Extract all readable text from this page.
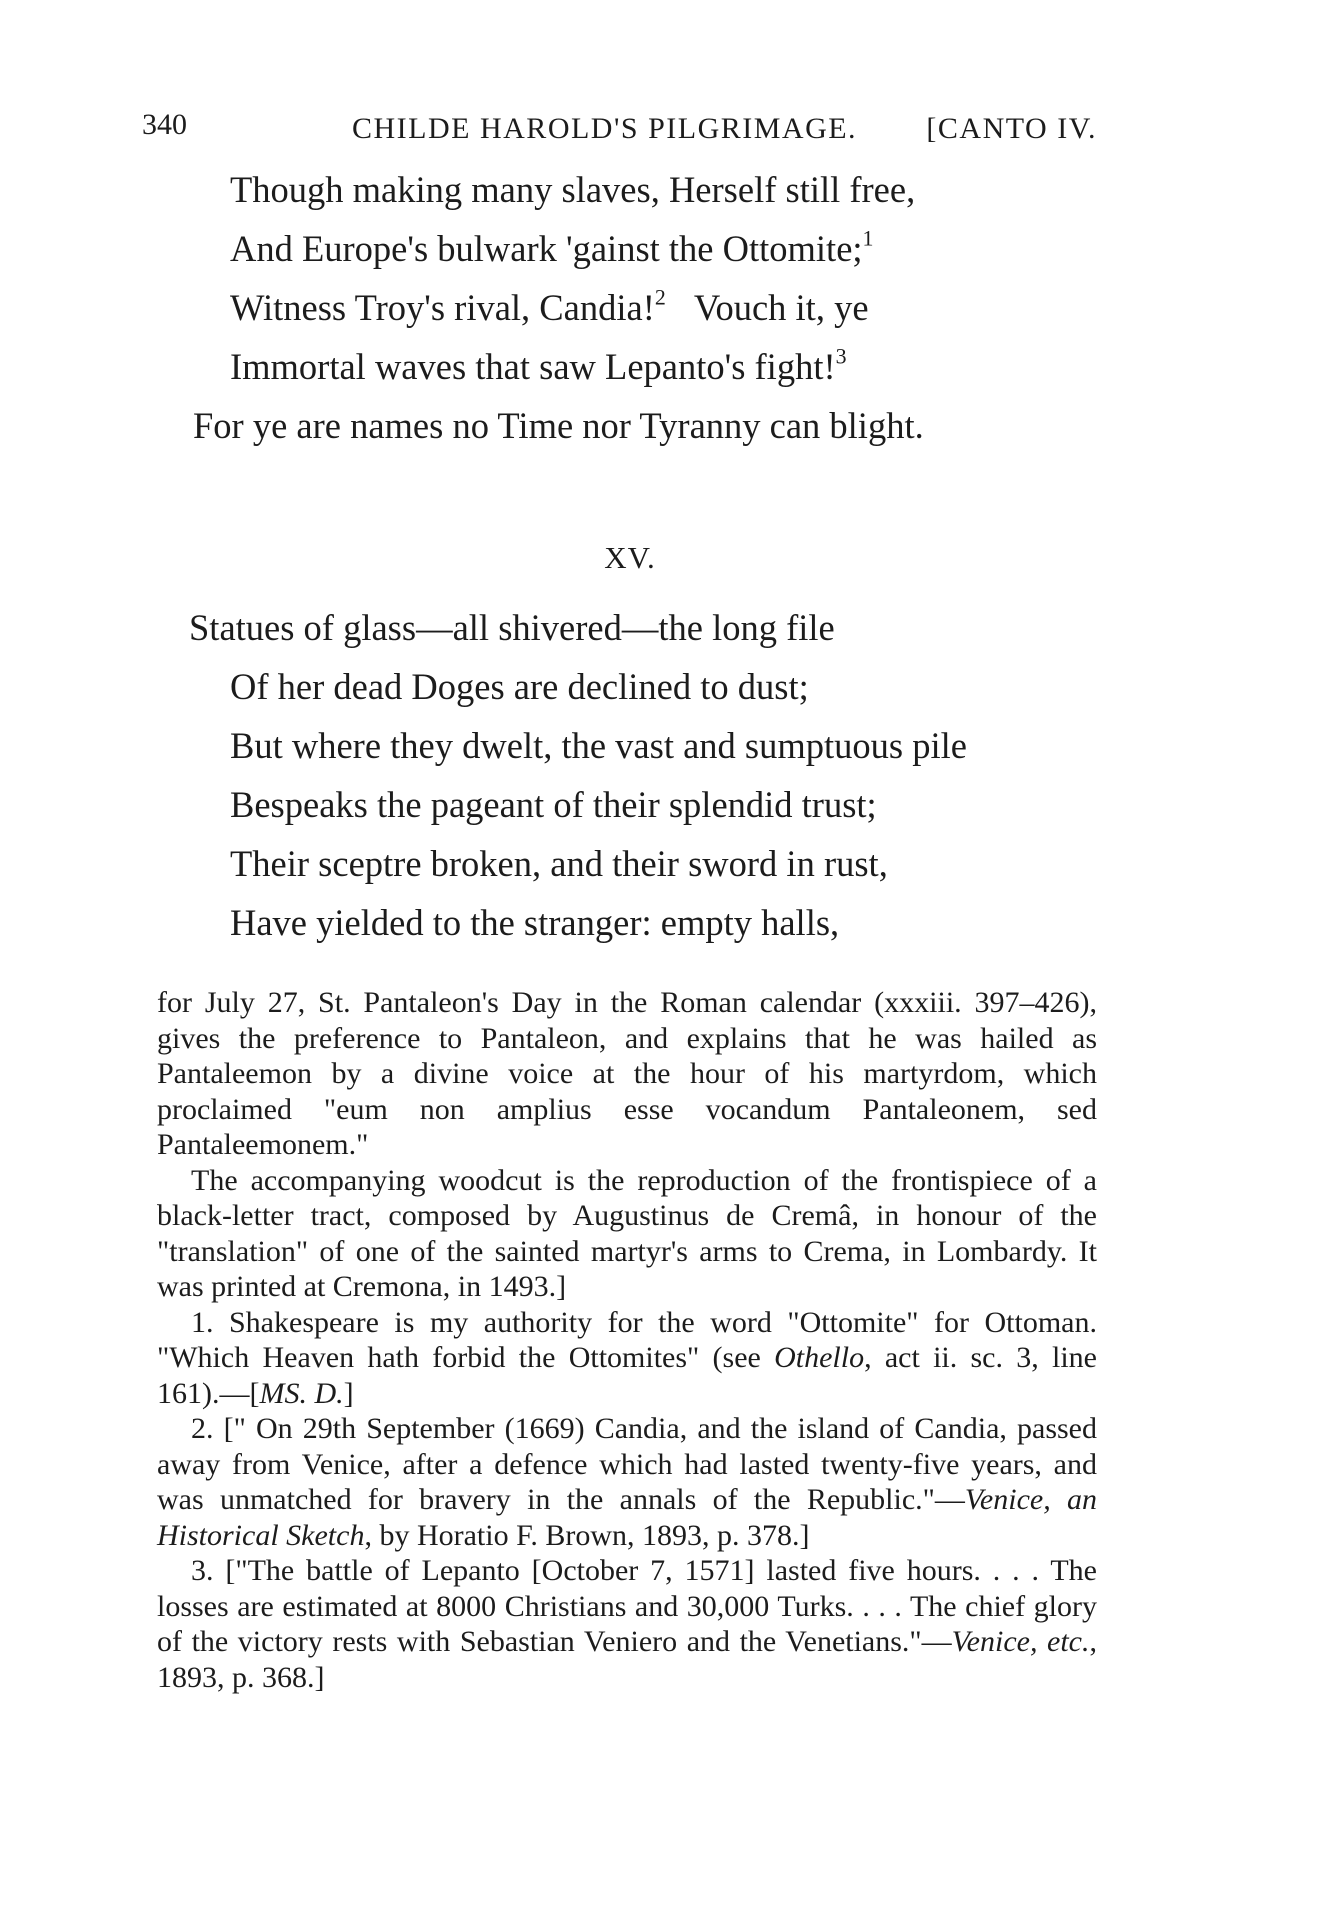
340	CHILDE HAROLD'S PILGRIMAGE. [CANTO IV.
Though making many slaves, Herself still free,
And Europe's bulwark 'gainst the Ottomite;$^1$
Witness Troy's rival, Candia!$^2$ Vouch it, ye
Immortal waves that saw Lepanto's fight!$^3$
For ye are names no Time nor Tyranny can blight.
XV.
Statues of glass—all shivered—the long file
Of her dead Doges are declined to dust;
But where they dwelt, the vast and sumptuous pile
Bespeaks the pageant of their splendid trust;
Their sceptre broken, and their sword in rust,
Have yielded to the stranger: empty halls,

for July 27, St. Pantaleon's Day in the Roman calendar (xxxiii. 397–426), gives the preference to Pantaleon, and explains that he was hailed as Pantaleemon by a divine voice at the hour of his martyrdom, which proclaimed "eum non amplius esse vocandum Pantaleonem, sed Pantaleemonem."

The accompanying woodcut is the reproduction of the frontispiece of a black-letter tract, composed by Augustinus de Cremâ, in honour of the "translation" of one of the sainted martyr's arms to Crema, in Lombardy. It was printed at Cremona, in 1493.]

1. Shakespeare is my authority for the word "Ottomite" for Ottoman. "Which Heaven hath forbid the Ottomites" (see Othello, act ii. sc. 3, line 161).—[MS. D.]

2. [" On 29th September (1669) Candia, and the island of Candia, passed away from Venice, after a defence which had lasted twenty-five years, and was unmatched for bravery in the annals of the Republic."—Venice, an Historical Sketch, by Horatio F. Brown, 1893, p. 378.]

3. ["The battle of Lepanto [October 7, 1571] lasted five hours. . . . The losses are estimated at 8000 Christians and 30,000 Turks. . . . The chief glory of the victory rests with Sebastian Veniero and the Venetians."—Venice, etc., 1893, p. 368.]
